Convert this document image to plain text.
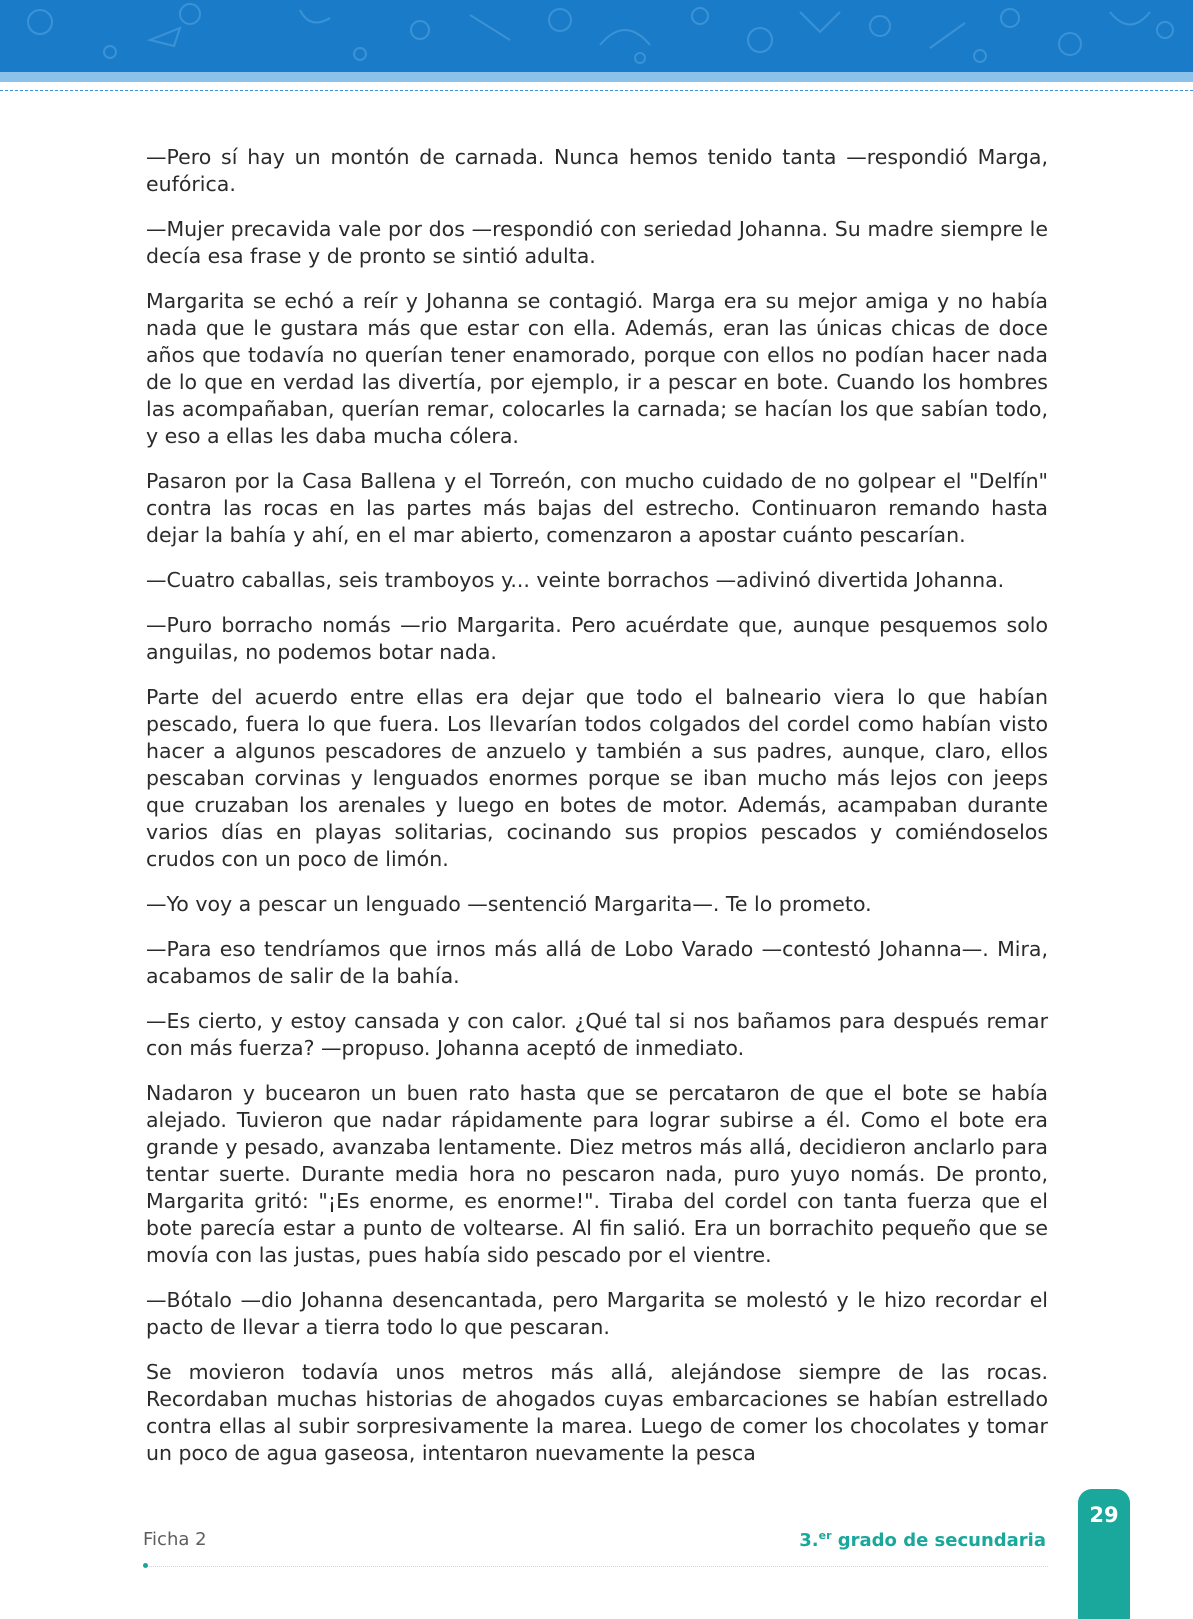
—Pero sí hay un montón de carnada. Nunca hemos tenido tanta —respondió Marga, eufórica.

—Mujer precavida vale por dos —respondió con seriedad Johanna. Su madre siempre le decía esa frase y de pronto se sintió adulta.

Margarita se echó a reír y Johanna se contagió. Marga era su mejor amiga y no había nada que le gustara más que estar con ella. Además, eran las únicas chicas de doce años que todavía no querían tener enamorado, porque con ellos no podían hacer nada de lo que en verdad las divertía, por ejemplo, ir a pescar en bote. Cuando los hombres las acompañaban, querían remar, colocarles la carnada; se hacían los que sabían todo, y eso a ellas les daba mucha cólera.

Pasaron por la Casa Ballena y el Torreón, con mucho cuidado de no golpear el "Delfín" contra las rocas en las partes más bajas del estrecho. Continuaron remando hasta dejar la bahía y ahí, en el mar abierto, comenzaron a apostar cuánto pescarían.

—Cuatro caballas, seis tramboyos y... veinte borrachos —adivinó divertida Johanna.

—Puro borracho nomás —rio Margarita. Pero acuérdate que, aunque pesquemos solo anguilas, no podemos botar nada.

Parte del acuerdo entre ellas era dejar que todo el balneario viera lo que habían pescado, fuera lo que fuera. Los llevarían todos colgados del cordel como habían visto hacer a algunos pescadores de anzuelo y también a sus padres, aunque, claro, ellos pescaban corvinas y lenguados enormes porque se iban mucho más lejos con jeeps que cruzaban los arenales y luego en botes de motor. Además, acampaban durante varios días en playas solitarias, cocinando sus propios pescados y comiéndoselos crudos con un poco de limón.

—Yo voy a pescar un lenguado —sentenció Margarita—. Te lo prometo.

—Para eso tendríamos que irnos más allá de Lobo Varado —contestó Johanna—. Mira, acabamos de salir de la bahía.

—Es cierto, y estoy cansada y con calor. ¿Qué tal si nos bañamos para después remar con más fuerza? —propuso. Johanna aceptó de inmediato.

Nadaron y bucearon un buen rato hasta que se percataron de que el bote se había alejado. Tuvieron que nadar rápidamente para lograr subirse a él. Como el bote era grande y pesado, avanzaba lentamente. Diez metros más allá, decidieron anclarlo para tentar suerte. Durante media hora no pescaron nada, puro yuyo nomás. De pronto, Margarita gritó: "¡Es enorme, es enorme!". Tiraba del cordel con tanta fuerza que el bote parecía estar a punto de voltearse. Al fin salió. Era un borrachito pequeño que se movía con las justas, pues había sido pescado por el vientre.

—Bótalo —dio Johanna desencantada, pero Margarita se molestó y le hizo recordar el pacto de llevar a tierra todo lo que pescaran.

Se movieron todavía unos metros más allá, alejándose siempre de las rocas. Recordaban muchas historias de ahogados cuyas embarcaciones se habían estrellado contra ellas al subir sorpresivamente la marea. Luego de comer los chocolates y tomar un poco de agua gaseosa, intentaron nuevamente la pesca

Ficha 2	3.$^{er}$ grado de secundaria
29
